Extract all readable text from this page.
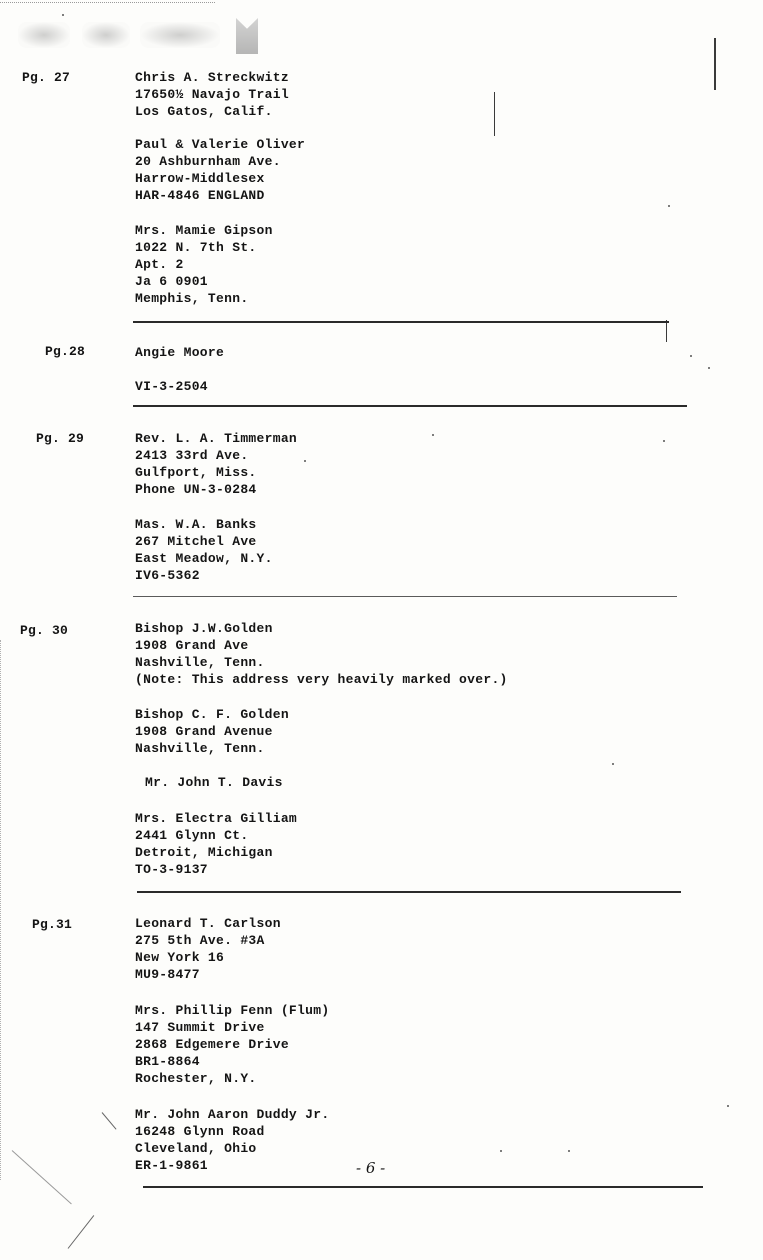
Pg. 27	Chris A. Streckwitz
17650½ Navajo Trail
Los Gatos, Calif.
Paul & Valerie Oliver
20 Ashburnham Ave.
Harrow-Middlesex
HAR-4846 ENGLAND
Mrs. Mamie Gipson
1022 N. 7th St.
Apt. 2
Ja 6 0901
Memphis, Tenn.
Pg.28	Angie Moore
VI-3-2504
Pg. 29	Rev. L. A. Timmerman
2413 33rd Ave.
Gulfport, Miss.
Phone UN-3-0284
Mas. W.A. Banks
267 Mitchel Ave
East Meadow, N.Y.
IV6-5362
Pg. 30	Bishop J.W.Golden
1908 Grand Ave
Nashville, Tenn.
(Note: This address very heavily marked over.)
Bishop C. F. Golden
1908 Grand Avenue
Nashville, Tenn.
Mr. John T. Davis
Mrs. Electra Gilliam
2441 Glynn Ct.
Detroit, Michigan
TO-3-9137
Pg.31	Leonard T. Carlson
275 5th Ave. #3A
New York 16
MU9-8477
Mrs. Phillip Fenn (Flum)
147 Summit Drive
2868 Edgemere Drive
BR1-8864
Rochester, N.Y.
Mr. John Aaron Duddy Jr.
16248 Glynn Road
Cleveland, Ohio
ER-1-9861	- 6 -
